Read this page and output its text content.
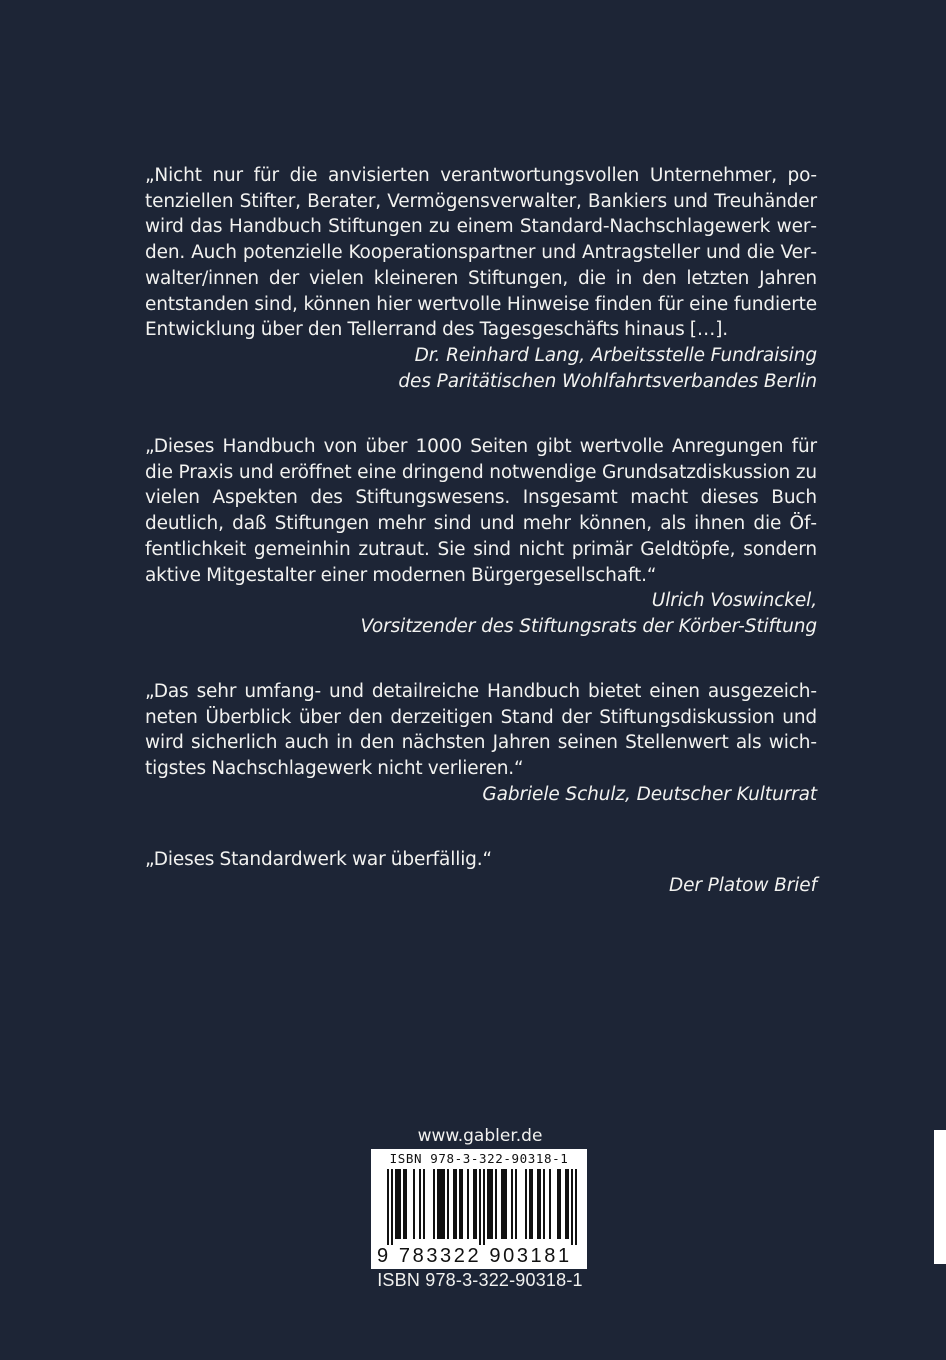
„Nicht nur für die anvisierten verantwortungsvollen Unternehmer, potenziellen Stifter, Berater, Vermögensverwalter, Bankiers und Treuhänder wird das Handbuch Stiftungen zu einem Standard-Nachschlagewerk werden. Auch potenzielle Kooperationspartner und Antragsteller und die Verwalter/innen der vielen kleineren Stiftungen, die in den letzten Jahren entstanden sind, können hier wertvolle Hinweise finden für eine fundierte Entwicklung über den Tellerrand des Tagesgeschäfts hinaus […].
Dr. Reinhard Lang, Arbeitsstelle Fundraising
des Paritätischen Wohlfahrtsverbandes Berlin
„Dieses Handbuch von über 1000 Seiten gibt wertvolle Anregungen für die Praxis und eröffnet eine dringend notwendige Grundsatzdiskussion zu vielen Aspekten des Stiftungswesens. Insgesamt macht dieses Buch deutlich, daß Stiftungen mehr sind und mehr können, als ihnen die Öffentlichkeit gemeinhin zutraut. Sie sind nicht primär Geldtöpfe, sondern aktive Mitgestalter einer modernen Bürgergesellschaft.“
Ulrich Voswinckel,
Vorsitzender des Stiftungsrats der Körber-Stiftung
„Das sehr umfang- und detailreiche Handbuch bietet einen ausgezeichneten Überblick über den derzeitigen Stand der Stiftungsdiskussion und wird sicherlich auch in den nächsten Jahren seinen Stellenwert als wichtigstes Nachschlagewerk nicht verlieren.“
Gabriele Schulz, Deutscher Kulturrat
„Dieses Standardwerk war überfällig.“
Der Platow Brief
www.gabler.de
ISBN 978-3-322-90318-1
9 783322 903181
ISBN 978-3-322-90318-1
